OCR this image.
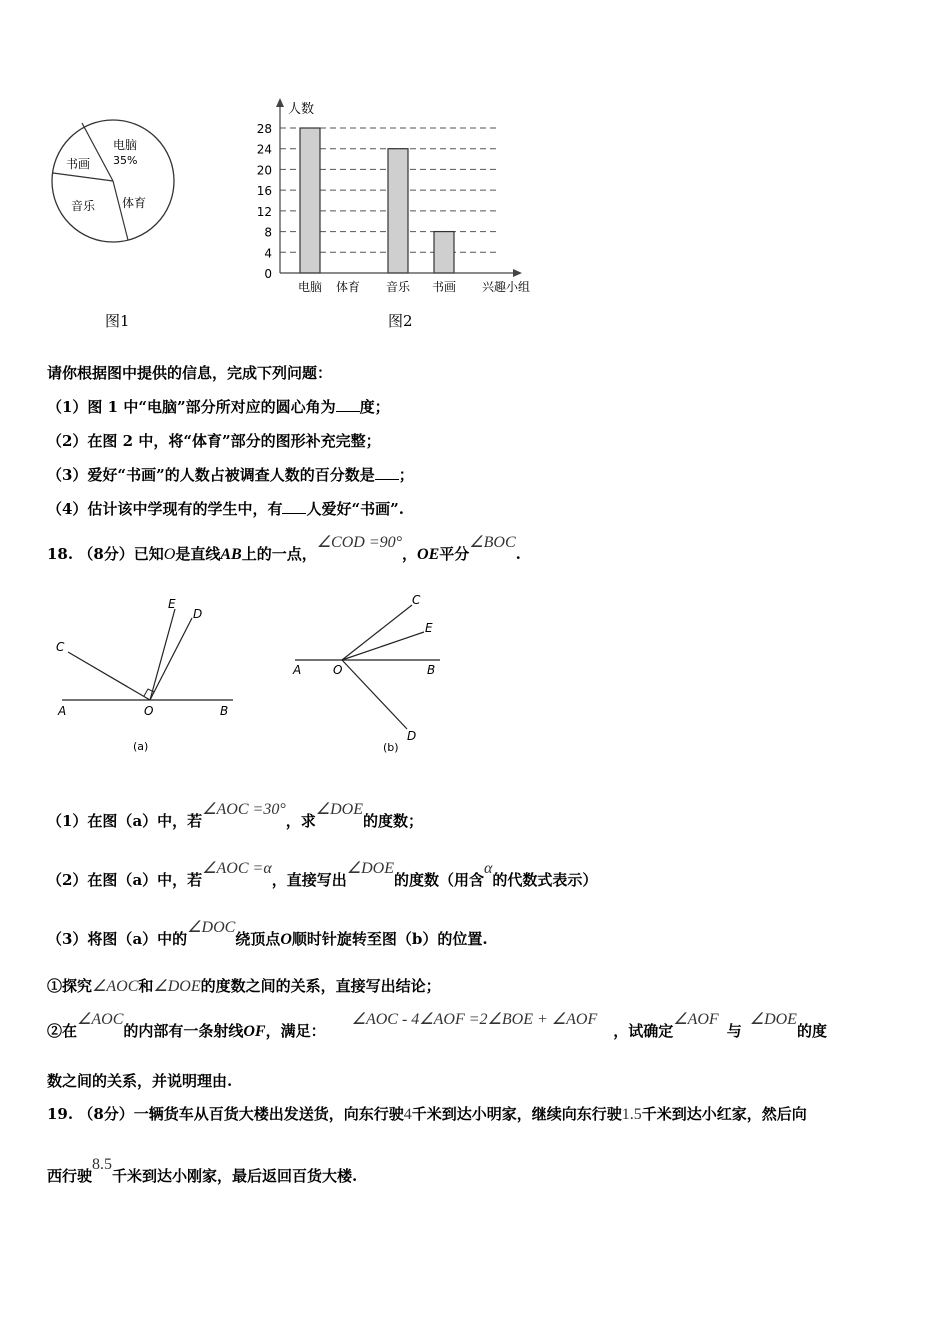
电脑
35%
书画
音乐 体育
图1
0
4
8
12
16
20
24
28
电脑 体育 音乐 书画
人数
兴趣小组
图2
请你根据图中提供的信息，完成下列问题：
（1）图 1 中“电脑”部分所对应的圆心角为 度；
（2）在图 2 中，将“体育”部分的图形补充完整；
（3）爱好“书画”的人数占被调查人数的百分数是 ；
（4）估计该中学现有的学生中，有 人爱好“书画”.
18. （8分）已知O是直线AB上的一点，∠COD =90°，OE平分∠BOC.
A	O	B
C
E
D
(a)
A	O	B
C
E
D
(b)
（1）在图（a）中，若∠AOC =30°，求∠DOE的度数；
（2）在图（a）中，若∠AOC =α，直接写出∠DOE的度数（用含α的代数式表示）
（3）将图（a）中的∠DOC绕顶点O顺时针旋转至图（b）的位置.
①探究∠AOC和∠DOE的度数之间的关系，直接写出结论；
②在∠AOC的内部有一条射线OF，满足：∠AOC - 4∠AOF =2∠BOE + ∠AOF，试确定∠AOF与∠DOE的度
数之间的关系，并说明理由.
19. （8分）一辆货车从百货大楼出发送货，向东行驶4千米到达小明家，继续向东行驶1.5千米到达小红家，然后向
西行驶8.5千米到达小刚家，最后返回百货大楼.
